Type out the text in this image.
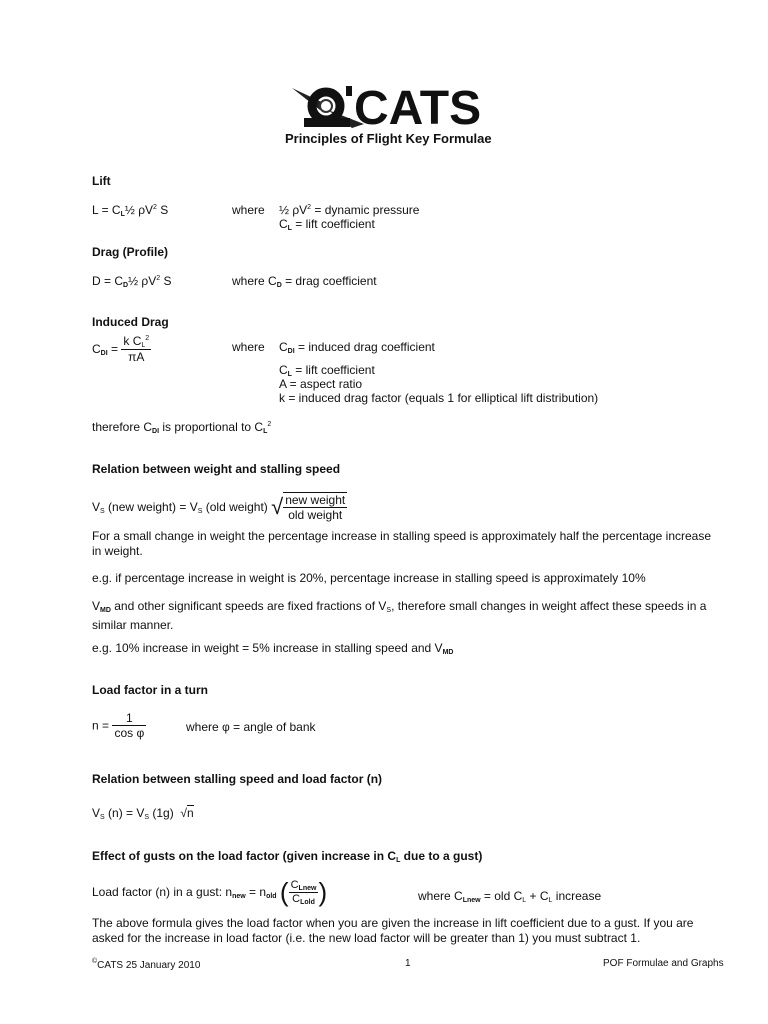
CATS
Principles of Flight Key Formulae
Lift
$L = C_L\frac{1}{2}$ $\rho V^2$ S	where ½ $\rho V^2$ = dynamic pressure
$C_L$ = lift coefficient
Drag (Profile)
$D = C_D\frac{1}{2}$ $\rho V^2$ S	where $C_D$ = drag coefficient
Induced Drag
$C_{DI} = \frac{k C_L^2}{\pi A}$	where $C_{DI}$ = induced drag coefficient
$C_L$ = lift coefficient
A = aspect ratio
k = induced drag factor (equals 1 for elliptical lift distribution)
therefore $C_{DI}$ is proportional to $C_L^2$
Relation between weight and stalling speed
$V_S$ (new weight) = $V_S$ (old weight) √ $\frac{\text{new weight}}{\text{old weight}}$
For a small change in weight the percentage increase in stalling speed is approximately half the percentage increase in weight.
e.g. if percentage increase in weight is 20%, percentage increase in stalling speed is approximately 10%
$V_{MD}$ and other significant speeds are fixed fractions of $V_S$, therefore small changes in weight affect these speeds in a similar manner.
e.g. 10% increase in weight = 5% increase in stalling speed and $V_{MD}$
Load factor in a turn
$n = \frac{1}{\text{cos φ}}$	where φ = angle of bank
Relation between stalling speed and load factor (n)
$V_S$ $(n) = V_S$ (1g) √n
Effect of gusts on the load factor (given increase in $C_L$ due to a gust)
Load factor (n) in a gust: $n_{new} = n_{old}$ ( $\frac{C_{Lnew}}{C_{Lold}}$ )	where $C_{Lnew}$ = old $C_L + C_L$ increase
The above formula gives the load factor when you are given the increase in lift coefficient due to a gust. If you are asked for the increase in load factor (i.e. the new load factor will be greater than 1) you must subtract 1.
©CATS 25 January 2010	1	POF Formulae and Graphs
